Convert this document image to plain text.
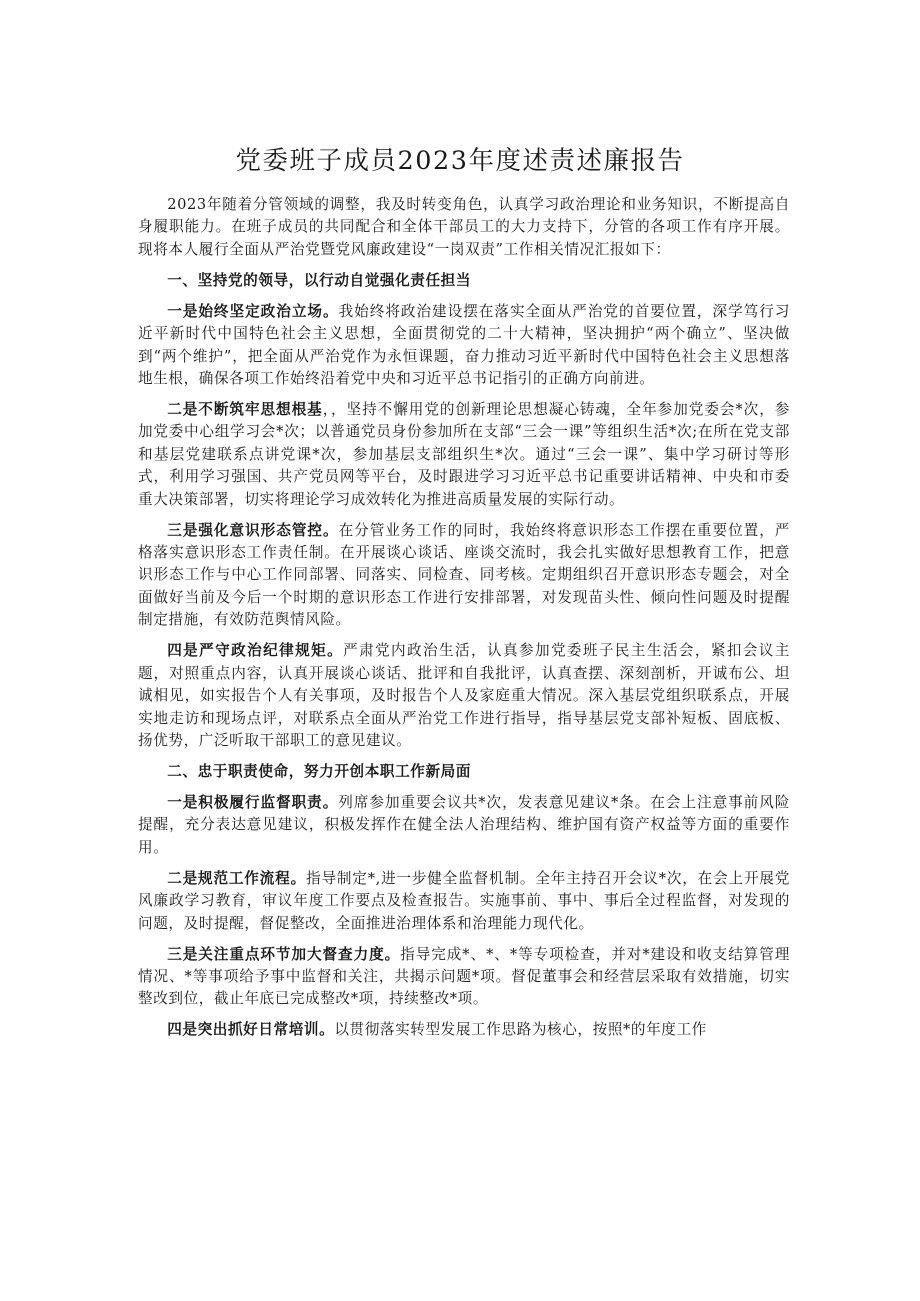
党委班子成员2023年度述责述廉报告

2023年随着分管领域的调整，我及时转变角色，认真学习政治理论和业务知识，不断提高自身履职能力。在班子成员的共同配合和全体干部员工的大力支持下，分管的各项工作有序开展。现将本人履行全面从严治党暨党风廉政建设“一岗双责”工作相关情况汇报如下：

一、坚持党的领导，以行动自觉强化责任担当

一是始终坚定政治立场。我始终将政治建设摆在落实全面从严治党的首要位置，深学笃行习近平新时代中国特色社会主义思想，全面贯彻党的二十大精神，坚决拥护“两个确立”、坚决做到“两个维护”，把全面从严治党作为永恒课题，奋力推动习近平新时代中国特色社会主义思想落地生根，确保各项工作始终沿着党中央和习近平总书记指引的正确方向前进。

二是不断筑牢思想根基，，坚持不懈用党的创新理论思想凝心铸魂，全年参加党委会*次，参加党委中心组学习会*次；以普通党员身份参加所在支部“三会一课”等组织生活*次;在所在党支部和基层党建联系点讲党课*次，参加基层支部组织生*次。通过“三会一课”、集中学习研讨等形式，利用学习强国、共产党员网等平台，及时跟进学习习近平总书记重要讲话精神、中央和市委重大决策部署，切实将理论学习成效转化为推进高质量发展的实际行动。

三是强化意识形态管控。在分管业务工作的同时，我始终将意识形态工作摆在重要位置，严格落实意识形态工作责任制。在开展谈心谈话、座谈交流时，我会扎实做好思想教育工作，把意识形态工作与中心工作同部署、同落实、同检查、同考核。定期组织召开意识形态专题会，对全面做好当前及今后一个时期的意识形态工作进行安排部署，对发现苗头性、倾向性问题及时提醒制定措施，有效防范舆情风险。

四是严守政治纪律规矩。严肃党内政治生活，认真参加党委班子民主生活会，紧扣会议主题，对照重点内容，认真开展谈心谈话、批评和自我批评，认真查摆、深刻剖析，开诚布公、坦诚相见，如实报告个人有关事项，及时报告个人及家庭重大情况。深入基层党组织联系点，开展实地走访和现场点评，对联系点全面从严治党工作进行指导，指导基层党支部补短板、固底板、扬优势，广泛听取干部职工的意见建议。

二、忠于职责使命，努力开创本职工作新局面

一是积极履行监督职责。列席参加重要会议共*次，发表意见建议*条。在会上注意事前风险提醒，充分表达意见建议，积极发挥作在健全法人治理结构、维护国有资产权益等方面的重要作用。

二是规范工作流程。指导制定*,进一步健全监督机制。全年主持召开会议*次，在会上开展党风廉政学习教育，审议年度工作要点及检查报告。实施事前、事中、事后全过程监督，对发现的问题，及时提醒，督促整改，全面推进治理体系和治理能力现代化。

三是关注重点环节加大督查力度。指导完成*、*、*等专项检查，并对*建设和收支结算管理情况、*等事项给予事中监督和关注，共揭示问题*项。督促董事会和经营层采取有效措施，切实整改到位，截止年底已完成整改*项，持续整改*项。

四是突出抓好日常培训。以贯彻落实转型发展工作思路为核心，按照*的年度工作
